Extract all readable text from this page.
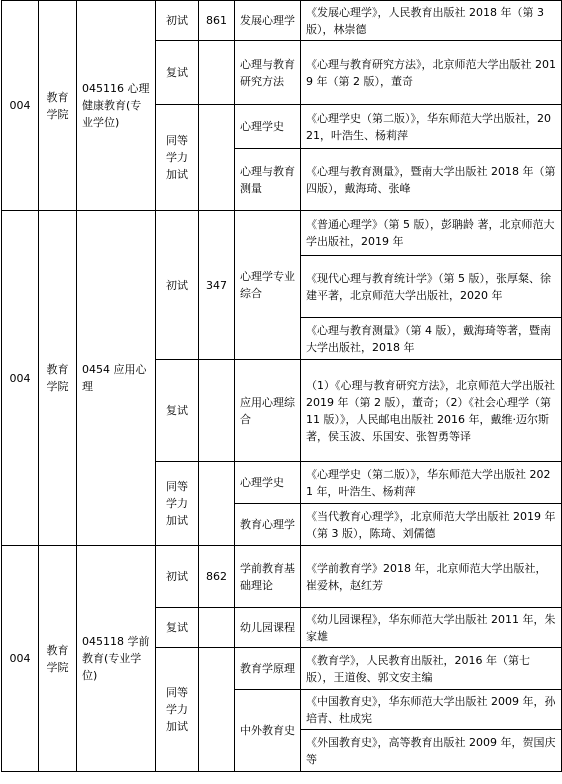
004	教育学院	045116 心理健康教育(专业学位)	初试	861	发展心理学	《发展心理学》，人民教育出版社 2018 年（第 3 版），林崇德
			复试		心理与教育研究方法	《心理与教育研究方法》，北京师范大学出版社 2019 年（第 2 版），董奇
			同等学力加试		心理学史	《心理学史（第二版）》，华东师范大学出版社，2021，叶浩生、杨莉萍
					心理与教育测量	《心理与教育测量》，暨南大学出版社 2018 年（第四版），戴海琦、张峰
004	教育学院	0454 应用心理	初试	347	心理学专业综合	《普通心理学》（第 5 版），彭聃龄 著，北京师范大学出版社，2019 年
						《现代心理与教育统计学》（第 5 版），张厚粲、徐建平著，北京师范大学出版社，2020 年
						《心理与教育测量》（第 4 版），戴海琦等著，暨南大学出版社，2018 年
			复试		应用心理综合	（1）《心理与教育研究方法》，北京师范大学出版社 2019 年（第 2 版），董奇；（2）《社会心理学（第 11 版）》，人民邮电出版社 2016 年，戴维·迈尔斯著，侯玉波、乐国安、张智勇等译
			同等学力加试		心理学史	《心理学史（第二版）》，华东师范大学出版社 2021 年，叶浩生、杨莉萍
					教育心理学	《当代教育心理学》，北京师范大学出版社 2019 年（第 3 版），陈琦、刘儒德
004	教育学院	045118 学前教育(专业学位)	初试	862	学前教育基础理论	《学前教育学》2018 年，北京师范大学出版社，崔爱林，赵红芳
			复试		幼儿园课程	《幼儿园课程》，华东师范大学出版社 2011 年，朱家雄
			同等学力加试		教育学原理	《教育学》，人民教育出版社，2016 年（第七版），王道俊、郭文安主编
					中外教育史	《中国教育史》，华东师范大学出版社 2009 年，孙培青、杜成宪
						《外国教育史》，高等教育出版社 2009 年，贺国庆等
